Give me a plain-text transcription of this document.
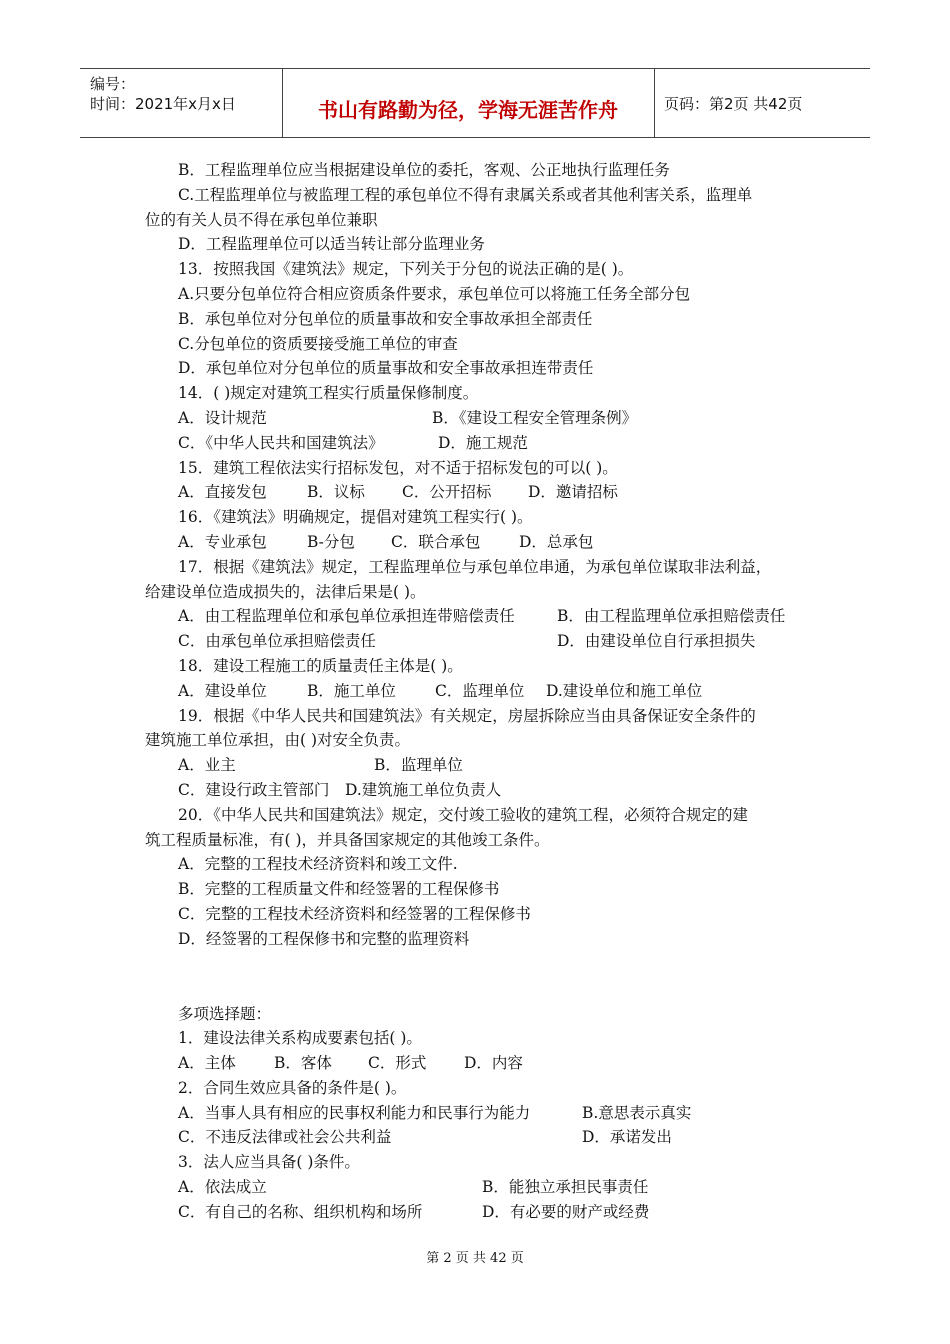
编号：
时间：2021年x月x日	书山有路勤为径，学海无涯苦作舟	页码：第2页 共42页
B．工程监理单位应当根据建设单位的委托，客观、公正地执行监理任务
C.工程监理单位与被监理工程的承包单位不得有隶属关系或者其他利害关系，监理单
位的有关人员不得在承包单位兼职
D．工程监理单位可以适当转让部分监理业务
13．按照我国《建筑法》规定，下列关于分包的说法正确的是( )。
A.只要分包单位符合相应资质条件要求，承包单位可以将施工任务全部分包
B．承包单位对分包单位的质量事故和安全事故承担全部责任
C.分包单位的资质要接受施工单位的审查
D．承包单位对分包单位的质量事故和安全事故承担连带责任
14．( )规定对建筑工程实行质量保修制度。
A．设计规范	B．《建设工程安全管理条例》
C．《中华人民共和国建筑法》	D．施工规范
15．建筑工程依法实行招标发包，对不适于招标发包的可以( )。
A．直接发包	B．议标 C．公开招标 D．邀请招标
16．《建筑法》明确规定，提倡对建筑工程实行( )。
A．专业承包	B-分包 C．联合承包 D．总承包
17．根据《建筑法》规定，工程监理单位与承包单位串通，为承包单位谋取非法利益，
给建设单位造成损失的，法律后果是( )。
A．由工程监理单位和承包单位承担连带赔偿责任	B．由工程监理单位承担赔偿责任
C．由承包单位承担赔偿责任	D．由建设单位自行承担损失
18．建设工程施工的质量责任主体是( )。
A．建设单位	B．施工单位	C．监理单位 D.建设单位和施工单位
19．根据《中华人民共和国建筑法》有关规定，房屋拆除应当由具备保证安全条件的
建筑施工单位承担，由( )对安全负责。
A．业主	B．监理单位
C．建设行政主管部门 D.建筑施工单位负责人
20．《中华人民共和国建筑法》规定，交付竣工验收的建筑工程，必须符合规定的建
筑工程质量标准，有( )，并具备国家规定的其他竣工条件。
A．完整的工程技术经济资料和竣工文件.
B．完整的工程质量文件和经签署的工程保修书
C．完整的工程技术经济资料和经签署的工程保修书
D．经签署的工程保修书和完整的监理资料
多项选择题：
1．建设法律关系构成要素包括( )。
A．主体 B．客体 C．形式 D．内容
2．合同生效应具备的条件是( )。
A．当事人具有相应的民事权利能力和民事行为能力	B.意思表示真实
C．不违反法律或社会公共利益	D．承诺发出
3．法人应当具备( )条件。
A．依法成立	B．能独立承担民事责任
C．有自己的名称、组织机构和场所	D．有必要的财产或经费
第 2 页 共 42 页
